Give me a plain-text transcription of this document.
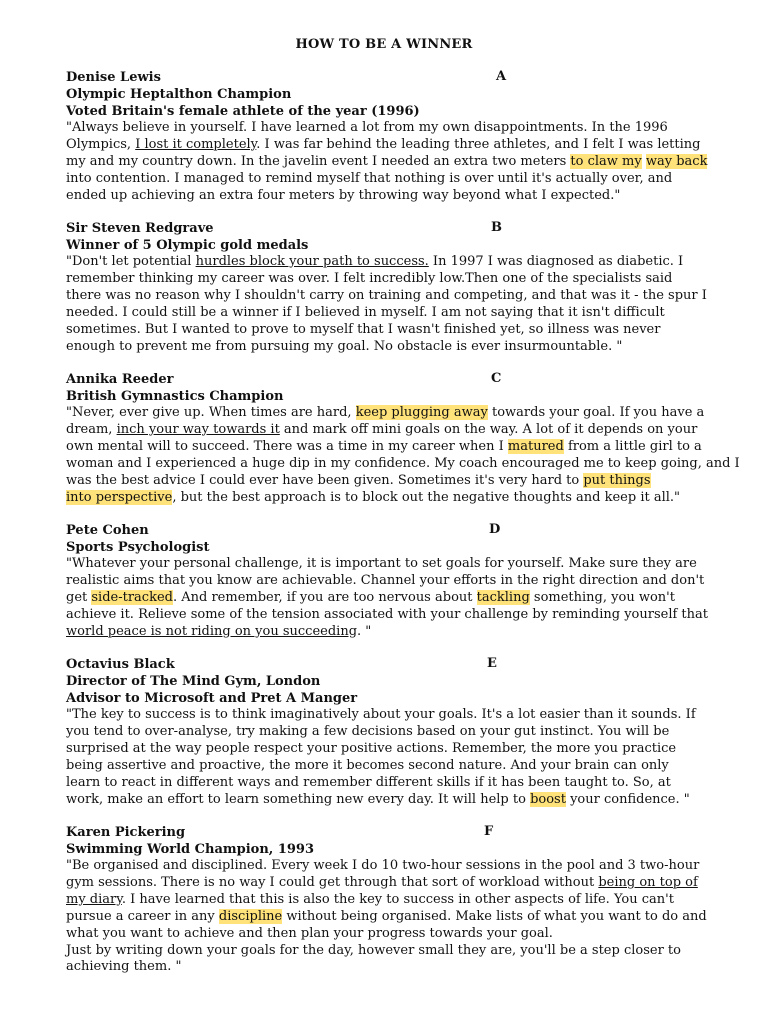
HOW TO BE A WINNER
Denise Lewis	A
Olympic Heptalthon Champion
Voted Britain's female athlete of the year (1996)
"Always believe in yourself. I have learned a lot from my own disappointments. In the 1996
Olympics, I lost it completely. I was far behind the leading three athletes, and I felt I was letting
my and my country down. In the javelin event I needed an extra two meters to claw my way back
into contention. I managed to remind myself that nothing is over until it's actually over, and
ended up achieving an extra four meters by throwing way beyond what I expected."
Sir Steven Redgrave	B
Winner of 5 Olympic gold medals
"Don't let potential hurdles block your path to success. In 1997 I was diagnosed as diabetic. I
remember thinking my career was over. I felt incredibly low.Then one of the specialists said
there was no reason why I shouldn't carry on training and competing, and that was it - the spur I
needed. I could still be a winner if I believed in myself. I am not saying that it isn't difficult
sometimes. But I wanted to prove to myself that I wasn't finished yet, so illness was never
enough to prevent me from pursuing my goal. No obstacle is ever insurmountable. "
Annika Reeder	C
British Gymnastics Champion
"Never, ever give up. When times are hard, keep plugging away towards your goal. If you have a
dream, inch your way towards it and mark off mini goals on the way. A lot of it depends on your
own mental will to succeed. There was a time in my career when I matured from a little girl to a
woman and I experienced a huge dip in my confidence. My coach encouraged me to keep going, and I
was the best advice I could ever have been given. Sometimes it's very hard to put things
into perspective, but the best approach is to block out the negative thoughts and keep it all."
Pete Cohen	D
Sports Psychologist
"Whatever your personal challenge, it is important to set goals for yourself. Make sure they are
realistic aims that you know are achievable. Channel your efforts in the right direction and don't
get side-tracked. And remember, if you are too nervous about tackling something, you won't
achieve it. Relieve some of the tension associated with your challenge by reminding yourself that
world peace is not riding on you succeeding. "
Octavius Black	E
Director of The Mind Gym, London
Advisor to Microsoft and Pret A Manger
"The key to success is to think imaginatively about your goals. It's a lot easier than it sounds. If
you tend to over-analyse, try making a few decisions based on your gut instinct. You will be
surprised at the way people respect your positive actions. Remember, the more you practice
being assertive and proactive, the more it becomes second nature. And your brain can only
learn to react in different ways and remember different skills if it has been taught to. So, at
work, make an effort to learn something new every day. It will help to boost your confidence. "
Karen Pickering	F
Swimming World Champion, 1993
"Be organised and disciplined. Every week I do 10 two-hour sessions in the pool and 3 two-hour
gym sessions. There is no way I could get through that sort of workload without being on top of
my diary. I have learned that this is also the key to success in other aspects of life. You can't
pursue a career in any discipline without being organised. Make lists of what you want to do and
what you want to achieve and then plan your progress towards your goal.
Just by writing down your goals for the day, however small they are, you'll be a step closer to
achieving them. "
